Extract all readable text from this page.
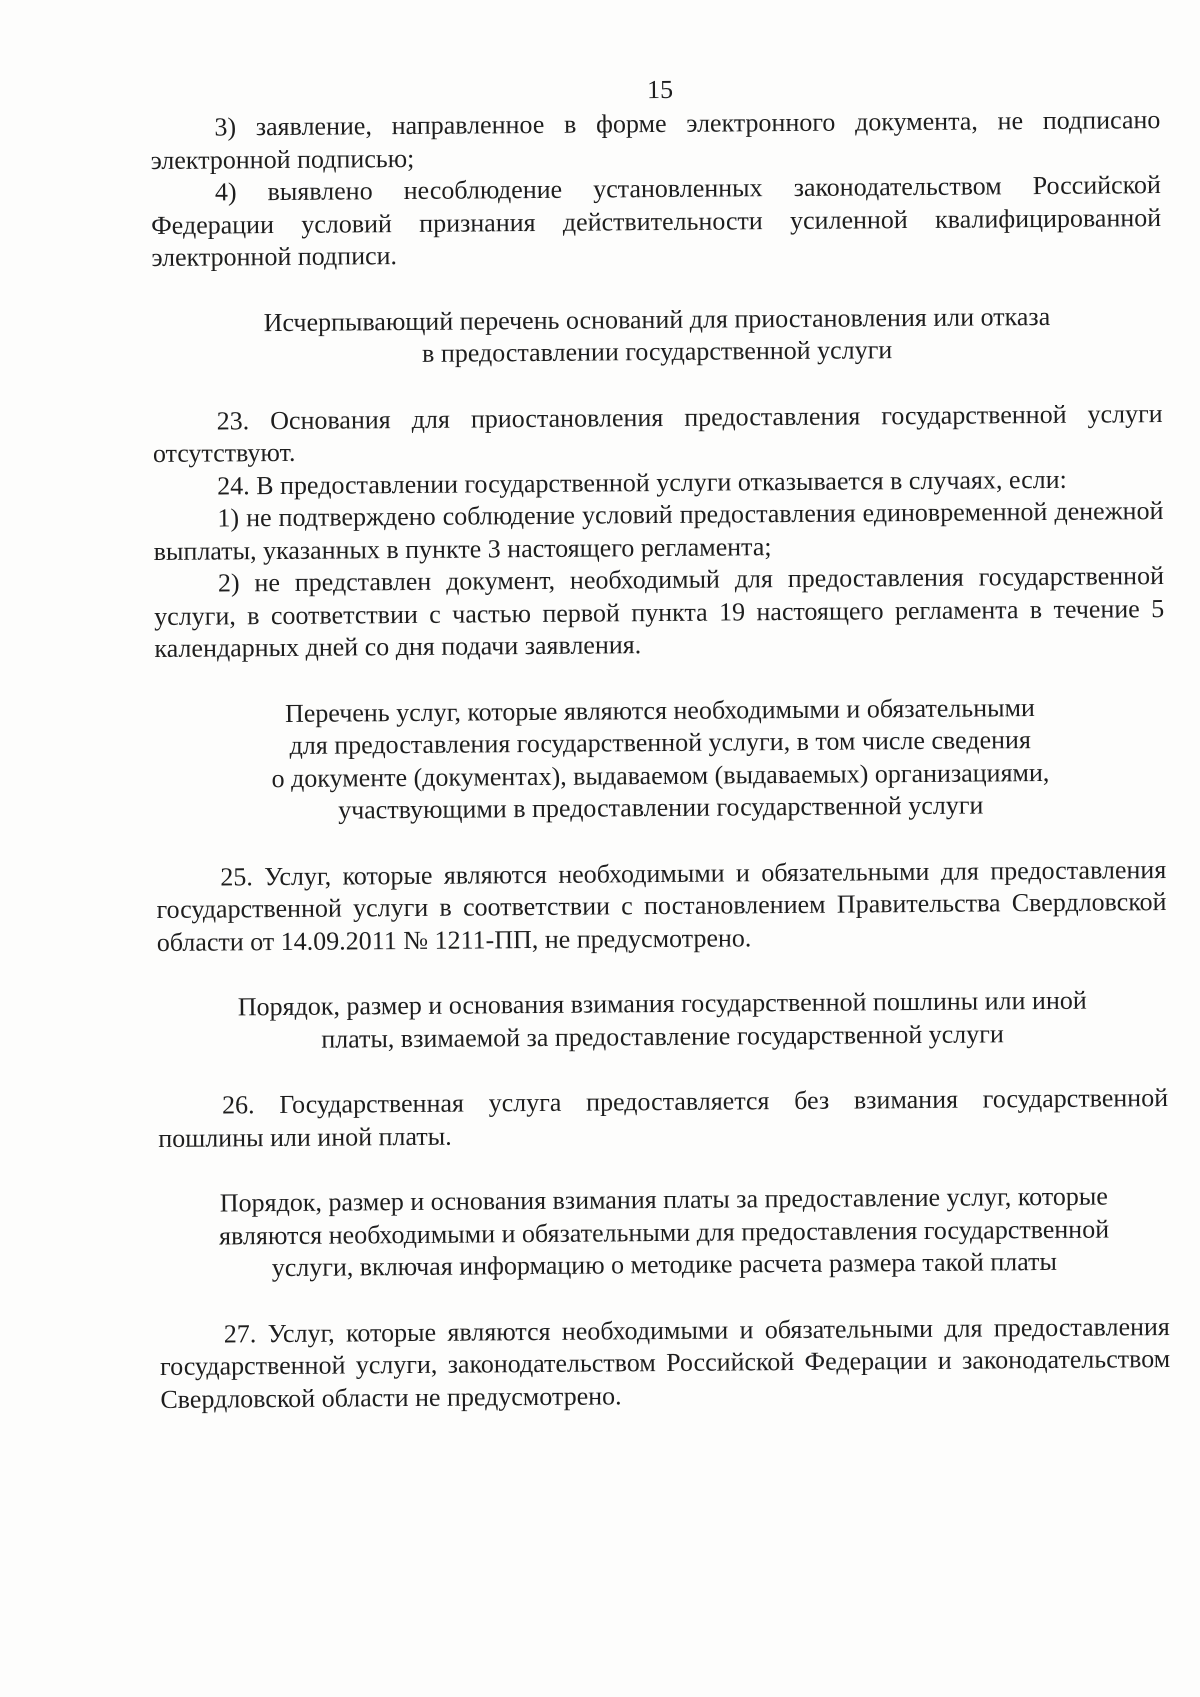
15

3) заявление, направленное в форме электронного документа, не подписано электронной подписью;

4) выявлено несоблюдение установленных законодательством Российской Федерации условий признания действительности усиленной квалифицированной электронной подписи.

Исчерпывающий перечень оснований для приостановления или отказа

в предоставлении государственной услуги

23. Основания для приостановления предоставления государственной услуги отсутствуют.

24. В предоставлении государственной услуги отказывается в случаях, если:

1) не подтверждено соблюдение условий предоставления единовременной денежной выплаты, указанных в пункте 3 настоящего регламента;

2) не представлен документ, необходимый для предоставления государственной услуги, в соответствии с частью первой пункта 19 настоящего регламента в течение 5 календарных дней со дня подачи заявления.

Перечень услуг, которые являются необходимыми и обязательными

для предоставления государственной услуги, в том числе сведения

о документе (документах), выдаваемом (выдаваемых) организациями,

участвующими в предоставлении государственной услуги

25. Услуг, которые являются необходимыми и обязательными для предоставления государственной услуги в соответствии с постановлением Правительства Свердловской области от 14.09.2011 № 1211-ПП, не предусмотрено.

Порядок, размер и основания взимания государственной пошлины или иной

платы, взимаемой за предоставление государственной услуги

26. Государственная услуга предоставляется без взимания государственной пошлины или иной платы.

Порядок, размер и основания взимания платы за предоставление услуг, которые

являются необходимыми и обязательными для предоставления государственной

услуги, включая информацию о методике расчета размера такой платы

27. Услуг, которые являются необходимыми и обязательными для предоставления государственной услуги, законодательством Российской Федерации и законодательством Свердловской области не предусмотрено.
